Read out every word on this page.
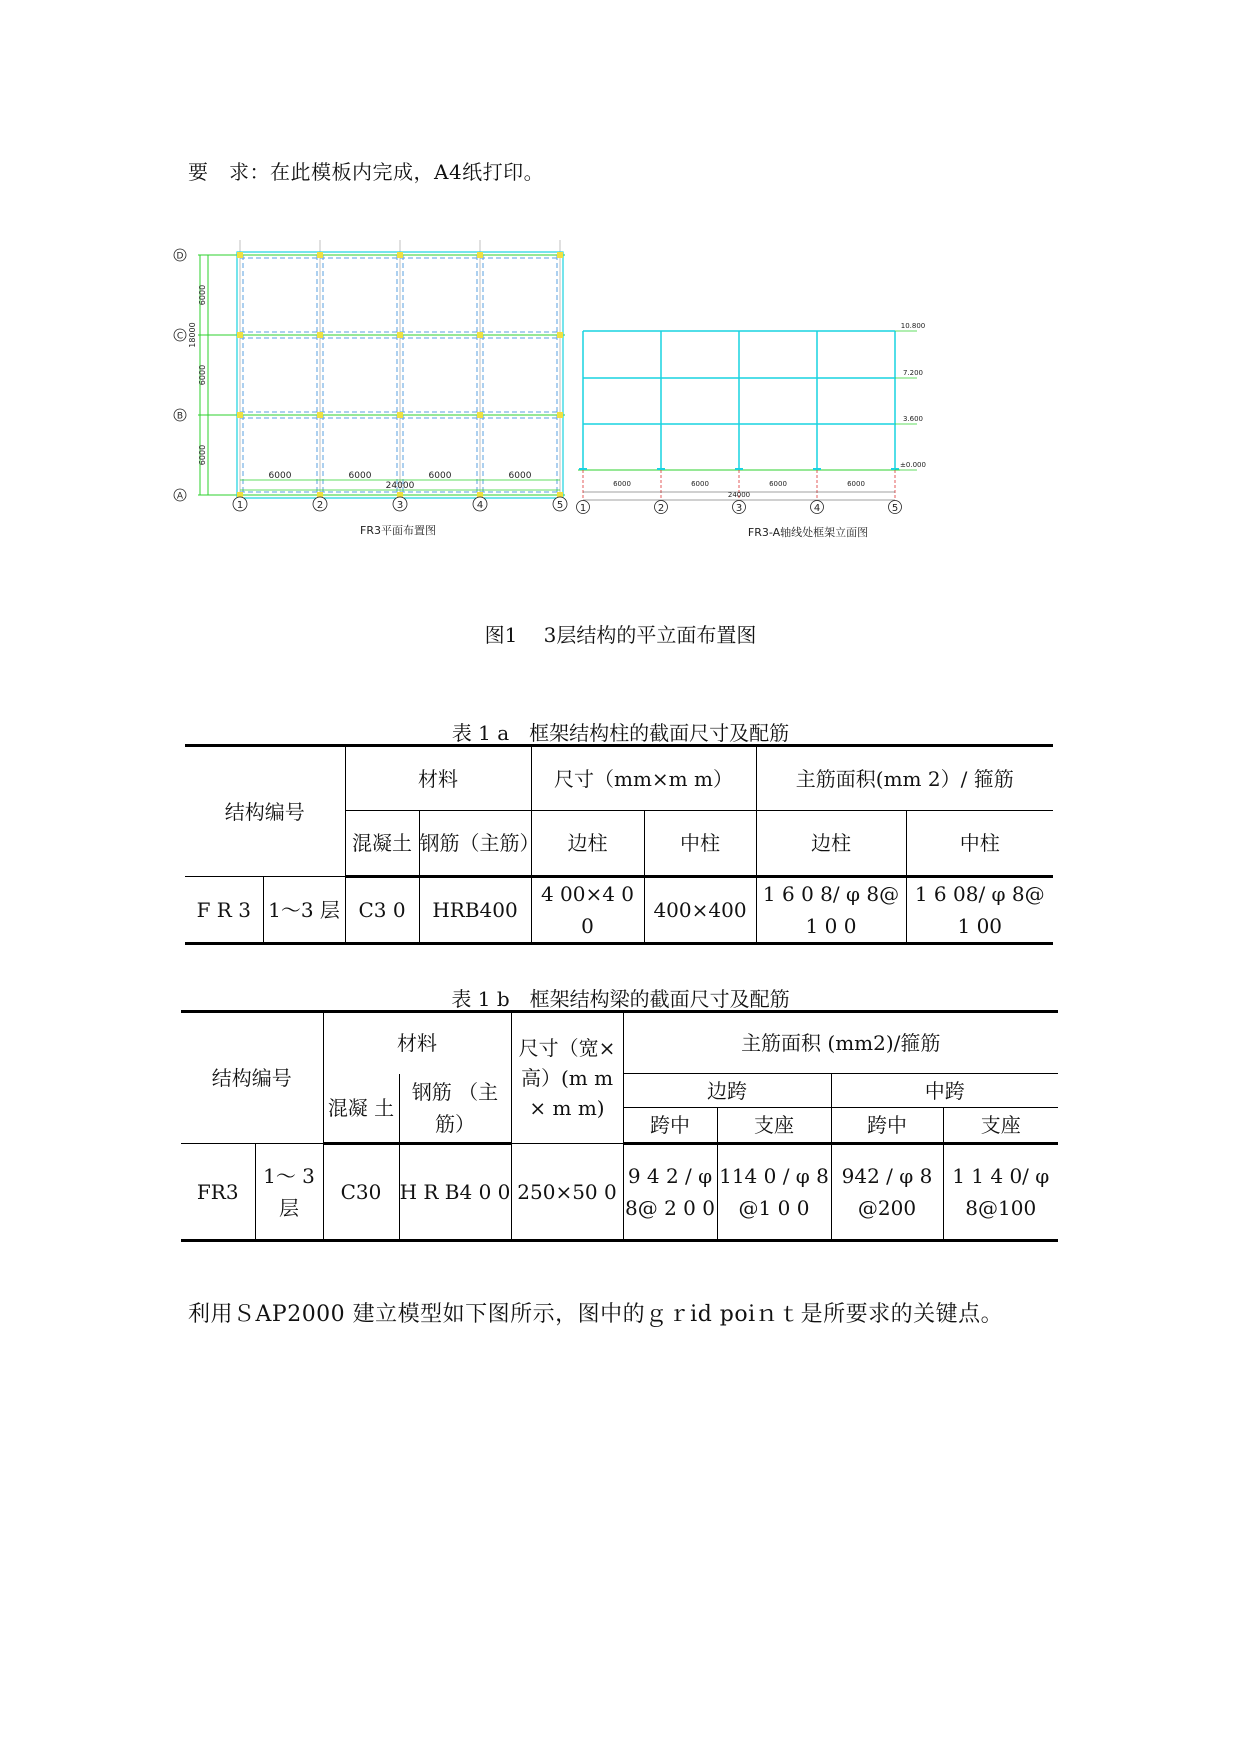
要　求：在此模板内完成，A4纸打印。
D
C
B
A
6000
6000
6000
18000
6000	6000	6000	6000
24000
1	2	3	4	5
FR3平面布置图
10.800
7.200
3.600
±0.000
6000	6000	6000	6000
24000
1	2	3	4	5
FR3-A轴线处框架立面图
图1　 3层结构的平立面布置图
表 1 a　框架结构柱的截面尺寸及配筋
结构编号		材料		尺寸（mm×m m）		主筋面积(mm 2）/ 箍筋	
		混凝土	钢筋（主筋）	边柱	中柱	边柱	中柱
F R 3	1～3 层	C3 0	HRB400	4 00×4 0 0	400×400	1 6 0 8/ φ 8@ 1 0 0	1 6 08/ φ 8@ 1 00
表 1 b　框架结构梁的截面尺寸及配筋
结构编号		材料		尺寸（宽×高）(m m × m m)	主筋面积 (mm2)/箍筋			
		混凝 土	钢筋 （主筋）		边跨		中跨	
					跨中	支座	跨中	支座
FR3	1～ 3 层	C30	H R B4 0 0	250×50 0	9 4 2 / φ 8@ 2 0 0	114 0 / φ 8 @1 0 0	942 / φ 8 @200	1 1 4 0/ φ 8@100
利用ＳAP2000 建立模型如下图所示，图中的ｇｒid poiｎｔ是所要求的关键点。
